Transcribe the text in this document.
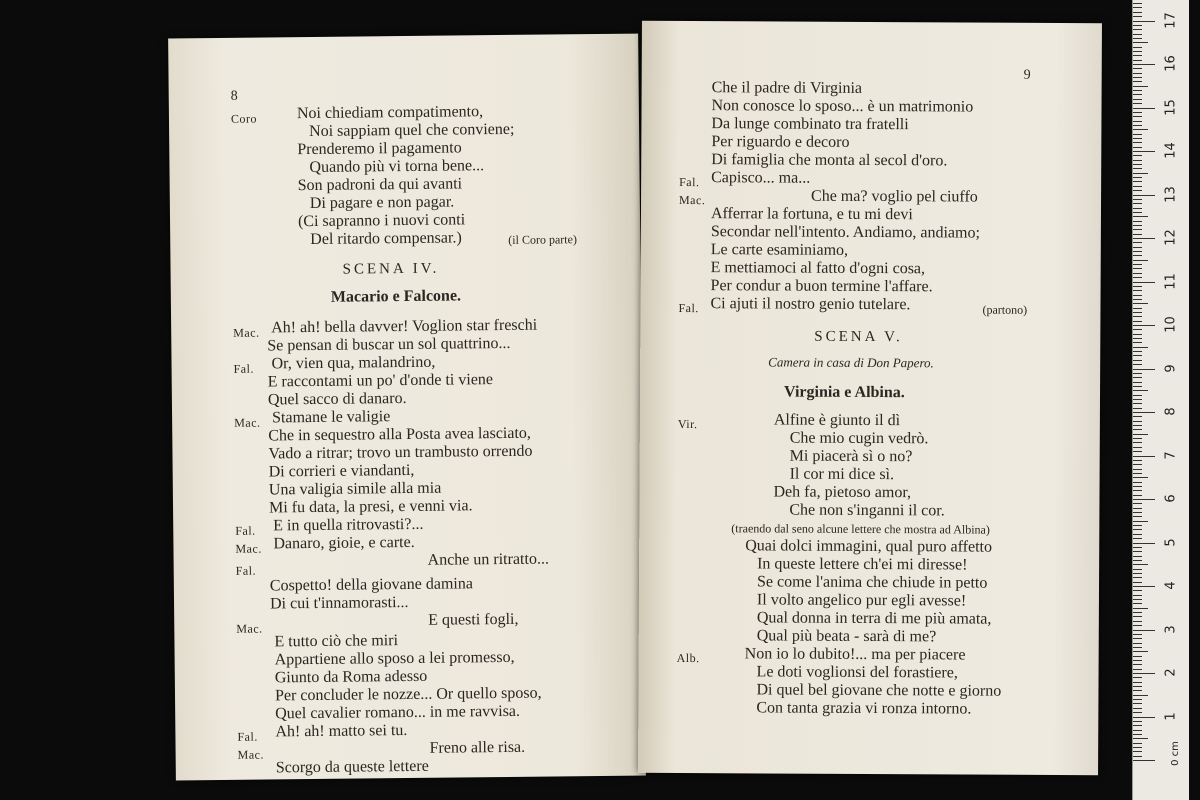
8
Coro Noi chiediam compatimento,
Noi sappiam quel che conviene;
Prenderemo il pagamento
Quando più vi torna bene...
Son padroni da qui avanti
Di pagare e non pagar.
(Ci sapranno i nuovi conti
Del ritardo compensar.)	(il Coro parte)
SCENA IV.
Macario e Falcone.
Mac. Ah! ah! bella davver! Voglion star freschi
Se pensan di buscar un sol quattrino...
Fal. Or, vien qua, malandrino,
E raccontami un po' d'onde ti viene
Quel sacco di danaro.
Mac. Stamane le valigie
Che in sequestro alla Posta avea lasciato,
Vado a ritrar; trovo un trambusto orrendo
Di corrieri e viandanti,
Una valigia simile alla mia
Mi fu data, la presi, e venni via.
Fal. E in quella ritrovasti?...
Mac. Danaro, gioie, e carte.
Anche un ritratto...
Fal.
Cospetto! della giovane damina
Di cui t'innamorasti...
Mac.	E questi fogli,
E tutto ciò che miri
Appartiene allo sposo a lei promesso,
Giunto da Roma adesso
Per concluder le nozze... Or quello sposo,
Quel cavalier romano... in me ravvisa.
Fal. Ah! ah! matto sei tu.
Mac.	Freno alle risa.
Scorgo da queste lettere
9
Che il padre di Virginia
Non conosce lo sposo... è un matrimonio
Da lunge combinato tra fratelli
Per riguardo e decoro
Di famiglia che monta al secol d'oro.
Fal. Capisco... ma...
Mac.	Che ma? voglio pel ciuffo
Afferrar la fortuna, e tu mi devi
Secondar nell'intento. Andiamo, andiamo;
Le carte esaminiamo,
E mettiamoci al fatto d'ogni cosa,
Per condur a buon termine l'affare.
Fal. Ci ajuti il nostro genio tutelare.	(partono)
SCENA V.
Camera in casa di Don Papero.
Virginia e Albina.
Vir.	Alfine è giunto il dì
Che mio cugin vedrò.
Mi piacerà sì o no?
Il cor mi dice sì.
Deh fa, pietoso amor,
Che non s'inganni il cor.
(traendo dal seno alcune lettere che mostra ad Albina)
Quai dolci immagini, qual puro affetto
In queste lettere ch'ei mi diresse!
Se come l'anima che chiude in petto
Il volto angelico pur egli avesse!
Qual donna in terra di me più amata,
Qual più beata - sarà di me?
Alb.	Non io lo dubito!... ma per piacere
Le doti voglionsi del forastiere,
Di quel bel giovane che notte e giorno
Con tanta grazia vi ronza intorno.
0 cm
1
2
3
4
5
6
7
8
9
10
11
12
13
14
15
16
17
